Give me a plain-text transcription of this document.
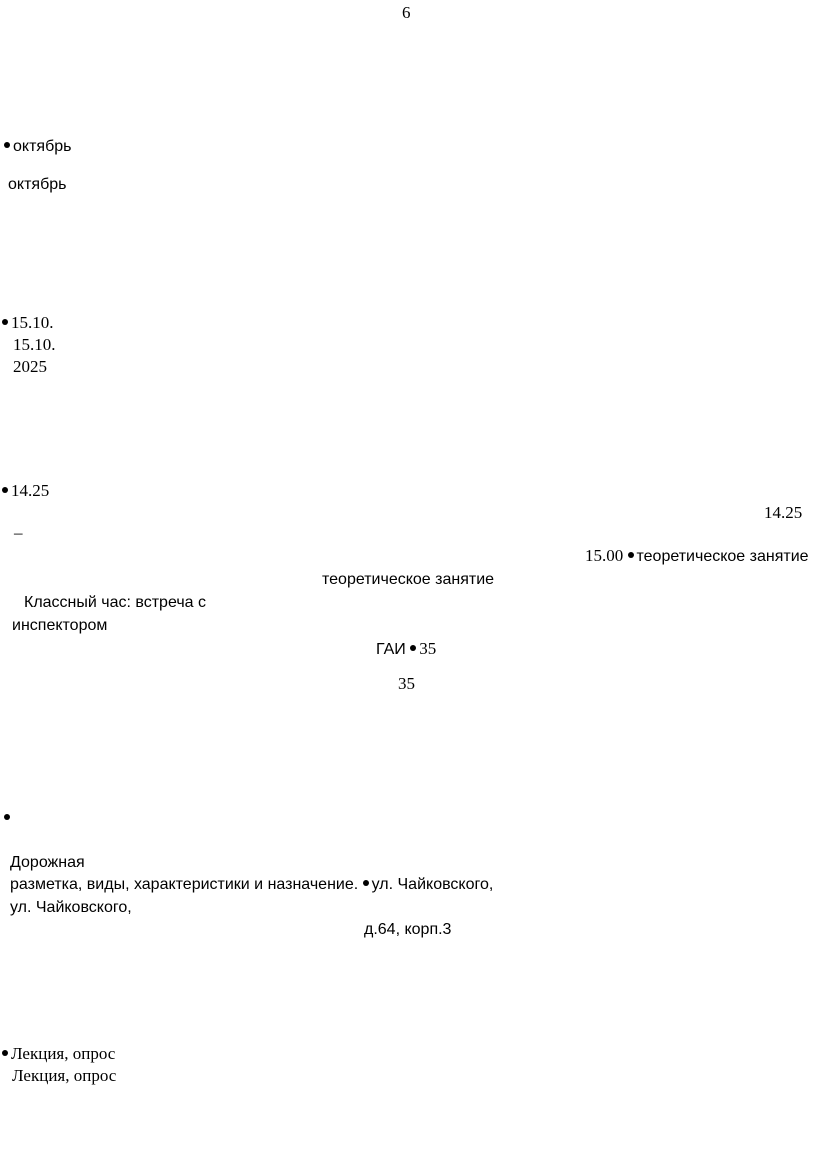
6
октябрь
октябрь
15.10.
15.10.
2025
14.25
14.25
–
15.00 теоретическое занятие
теоретическое занятие
Классный час: встреча с
инспектором
ГАИ 35
35
Дорожная
разметка, виды, характеристики и назначение. ул. Чайковского,
ул. Чайковского,
д.64, корп.3
Лекция, опрос
Лекция, опрос
